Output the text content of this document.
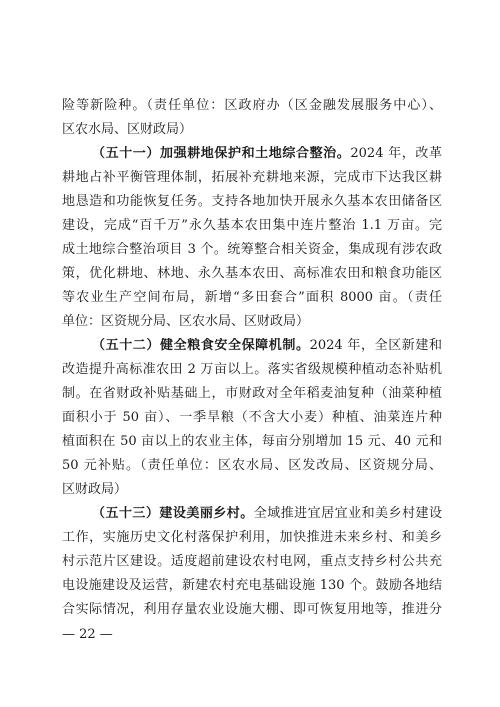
险等新险种。（责任单位：区政府办（区金融发展服务中心）、
区农水局、区财政局）
（五十一）加强耕地保护和土地综合整治。2024 年，改革
耕地占补平衡管理体制，拓展补充耕地来源，完成市下达我区耕
地恳造和功能恢复任务。支持各地加快开展永久基本农田储备区
建设，完成“百千万”永久基本农田集中连片整治 1.1 万亩。完
成土地综合整治项目 3 个。统筹整合相关资金，集成现有涉农政
策，优化耕地、林地、永久基本农田、高标准农田和粮食功能区
等农业生产空间布局，新增“多田套合”面积 8000 亩。（责任
单位：区资规分局、区农水局、区财政局）
（五十二）健全粮食安全保障机制。2024 年，全区新建和
改造提升高标准农田 2 万亩以上。落实省级规模种植动态补贴机
制。在省财政补贴基础上，市财政对全年稻麦油复种（油菜种植
面积小于 50 亩）、一季旱粮（不含大小麦）种植、油菜连片种
植面积在 50 亩以上的农业主体，每亩分别增加 15 元、40 元和
50 元补贴。（责任单位：区农水局、区发改局、区资规分局、
区财政局）
（五十三）建设美丽乡村。全域推进宜居宜业和美乡村建设
工作，实施历史文化村落保护利用，加快推进未来乡村、和美乡
村示范片区建设。适度超前建设农村电网，重点支持乡村公共充
电设施建设及运营，新建农村充电基础设施 130 个。鼓励各地结
合实际情况，利用存量农业设施大棚、即可恢复用地等，推进分
— 22 —
